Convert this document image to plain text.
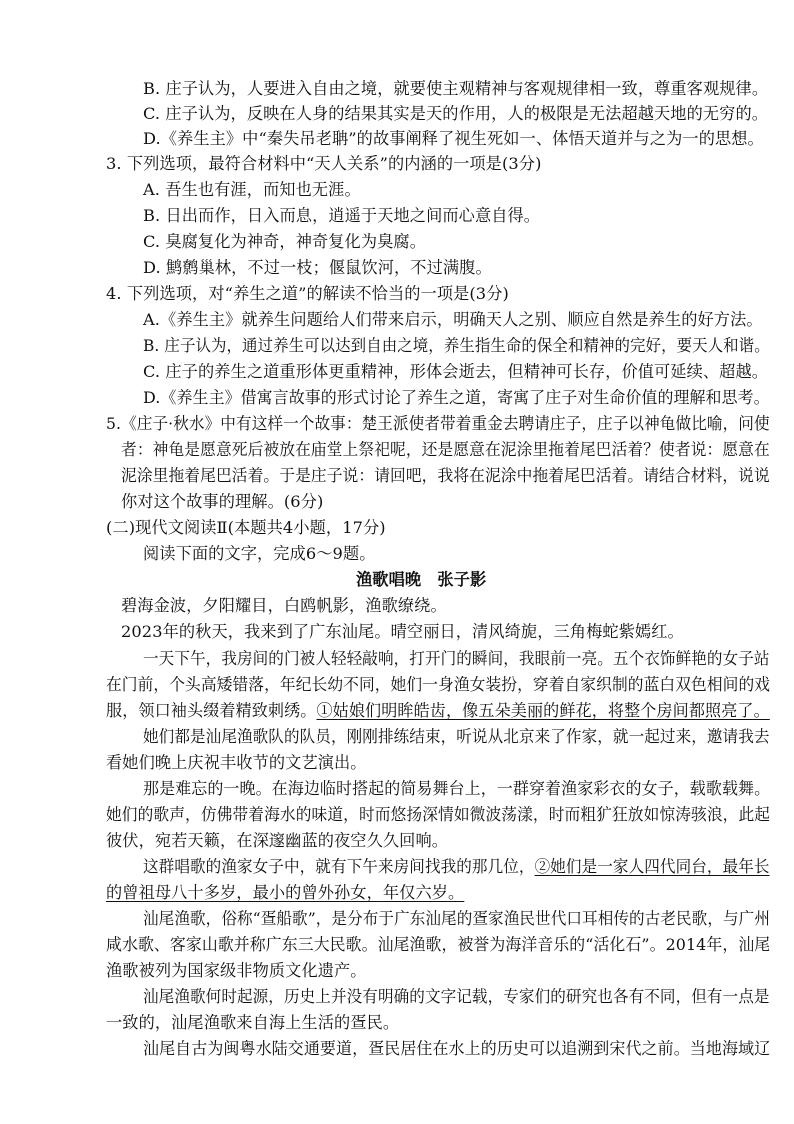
B. 庄子认为，人要进入自由之境，就要使主观精神与客观规律相一致，尊重客观规律。
C. 庄子认为，反映在人身的结果其实是天的作用，人的极限是无法超越天地的无穷的。
D.《养生主》中“秦失吊老聃”的故事阐释了视生死如一、体悟天道并与之为一的思想。
3. 下列选项，最符合材料中“天人关系”的内涵的一项是(3分)
A. 吾生也有涯，而知也无涯。
B. 日出而作，日入而息，逍遥于天地之间而心意自得。
C. 臭腐复化为神奇，神奇复化为臭腐。
D. 鹪鹩巢林，不过一枝；偃鼠饮河，不过满腹。
4. 下列选项，对“养生之道”的解读不恰当的一项是(3分)
A.《养生主》就养生问题给人们带来启示，明确天人之别、顺应自然是养生的好方法。
B. 庄子认为，通过养生可以达到自由之境，养生指生命的保全和精神的完好，要天人和谐。
C. 庄子的养生之道重形体更重精神，形体会逝去，但精神可长存，价值可延续、超越。
D.《养生主》借寓言故事的形式讨论了养生之道，寄寓了庄子对生命价值的理解和思考。
5.《庄子·秋水》中有这样一个故事：楚王派使者带着重金去聘请庄子，庄子以神龟做比喻，问使
者：神龟是愿意死后被放在庙堂上祭祀呢，还是愿意在泥涂里拖着尾巴活着？使者说：愿意在
泥涂里拖着尾巴活着。于是庄子说：请回吧，我将在泥涂中拖着尾巴活着。请结合材料，说说
你对这个故事的理解。(6分)
(二)现代文阅读Ⅱ(本题共4小题，17分)
阅读下面的文字，完成6～9题。
渔歌唱晚　张子影
碧海金波，夕阳耀目，白鸥帆影，渔歌缭绕。
2023年的秋天，我来到了广东汕尾。晴空丽日，清风绮旎，三角梅蛇紫嫣红。
一天下午，我房间的门被人轻轻敲响，打开门的瞬间，我眼前一亮。五个衣饰鲜艳的女子站
在门前，个头高矮错落，年纪长幼不同，她们一身渔女装扮，穿着自家织制的蓝白双色相间的戏
服，领口袖头缀着精致刺绣。①姑娘们明眸皓齿，像五朵美丽的鲜花，将整个房间都照亮了。
她们都是汕尾渔歌队的队员，刚刚排练结束，听说从北京来了作家，就一起过来，邀请我去
看她们晚上庆祝丰收节的文艺演出。
那是难忘的一晚。在海边临时搭起的简易舞台上，一群穿着渔家彩衣的女子，载歌载舞。
她们的歌声，仿佛带着海水的味道，时而悠扬深情如微波荡漾，时而粗犷狂放如惊涛骇浪，此起
彼伏，宛若天籁，在深邃幽蓝的夜空久久回响。
这群唱歌的渔家女子中，就有下午来房间找我的那几位，②她们是一家人四代同台，最年长
的曾祖母八十多岁，最小的曾外孙女，年仅六岁。
汕尾渔歌，俗称“疍船歌”，是分布于广东汕尾的疍家渔民世代口耳相传的古老民歌，与广州
咸水歌、客家山歌并称广东三大民歌。汕尾渔歌，被誉为海洋音乐的“活化石”。2014年，汕尾
渔歌被列为国家级非物质文化遗产。
汕尾渔歌何时起源，历史上并没有明确的文字记载，专家们的研究也各有不同，但有一点是
一致的，汕尾渔歌来自海上生活的疍民。
汕尾自古为闽粤水陆交通要道，疍民居住在水上的历史可以追溯到宋代之前。当地海域辽
